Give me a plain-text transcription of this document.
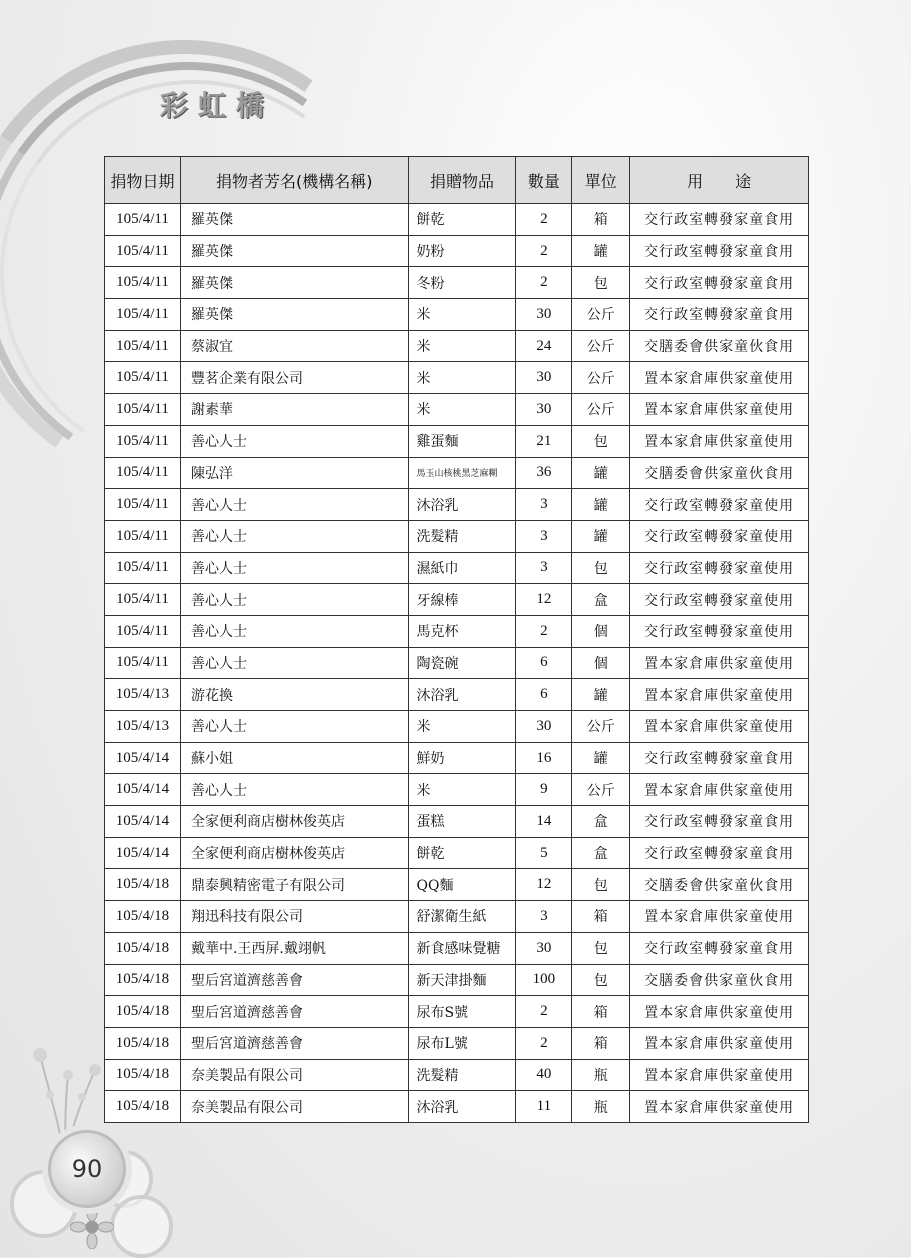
彩虹橋
捐物日期	捐物者芳名(機構名稱)	捐贈物品	數量	單位	用　　途
105/4/11	羅英傑	餅乾	2	箱	交行政室轉發家童食用
105/4/11	羅英傑	奶粉	2	罐	交行政室轉發家童食用
105/4/11	羅英傑	冬粉	2	包	交行政室轉發家童食用
105/4/11	羅英傑	米	30	公斤	交行政室轉發家童食用
105/4/11	蔡淑宜	米	24	公斤	交膳委會供家童伙食用
105/4/11	豐茗企業有限公司	米	30	公斤	置本家倉庫供家童使用
105/4/11	謝素華	米	30	公斤	置本家倉庫供家童使用
105/4/11	善心人士	雞蛋麵	21	包	置本家倉庫供家童使用
105/4/11	陳弘洋	馬玉山核桃黑芝麻糊	36	罐	交膳委會供家童伙食用
105/4/11	善心人士	沐浴乳	3	罐	交行政室轉發家童使用
105/4/11	善心人士	洗髮精	3	罐	交行政室轉發家童使用
105/4/11	善心人士	濕紙巾	3	包	交行政室轉發家童使用
105/4/11	善心人士	牙線棒	12	盒	交行政室轉發家童使用
105/4/11	善心人士	馬克杯	2	個	交行政室轉發家童使用
105/4/11	善心人士	陶瓷碗	6	個	置本家倉庫供家童使用
105/4/13	游花換	沐浴乳	6	罐	置本家倉庫供家童使用
105/4/13	善心人士	米	30	公斤	置本家倉庫供家童使用
105/4/14	蘇小姐	鮮奶	16	罐	交行政室轉發家童食用
105/4/14	善心人士	米	9	公斤	置本家倉庫供家童使用
105/4/14	全家便利商店樹林俊英店	蛋糕	14	盒	交行政室轉發家童食用
105/4/14	全家便利商店樹林俊英店	餅乾	5	盒	交行政室轉發家童食用
105/4/18	鼎泰興精密電子有限公司	QQ麵	12	包	交膳委會供家童伙食用
105/4/18	翔迅科技有限公司	舒潔衛生紙	3	箱	置本家倉庫供家童使用
105/4/18	戴華中.王西屏.戴翊帆	新食感味覺糖	30	包	交行政室轉發家童食用
105/4/18	聖后宮道濟慈善會	新天津掛麵	100	包	交膳委會供家童伙食用
105/4/18	聖后宮道濟慈善會	尿布S號	2	箱	置本家倉庫供家童使用
105/4/18	聖后宮道濟慈善會	尿布L號	2	箱	置本家倉庫供家童使用
105/4/18	奈美製品有限公司	洗髮精	40	瓶	置本家倉庫供家童使用
105/4/18	奈美製品有限公司	沐浴乳	11	瓶	置本家倉庫供家童使用
90
